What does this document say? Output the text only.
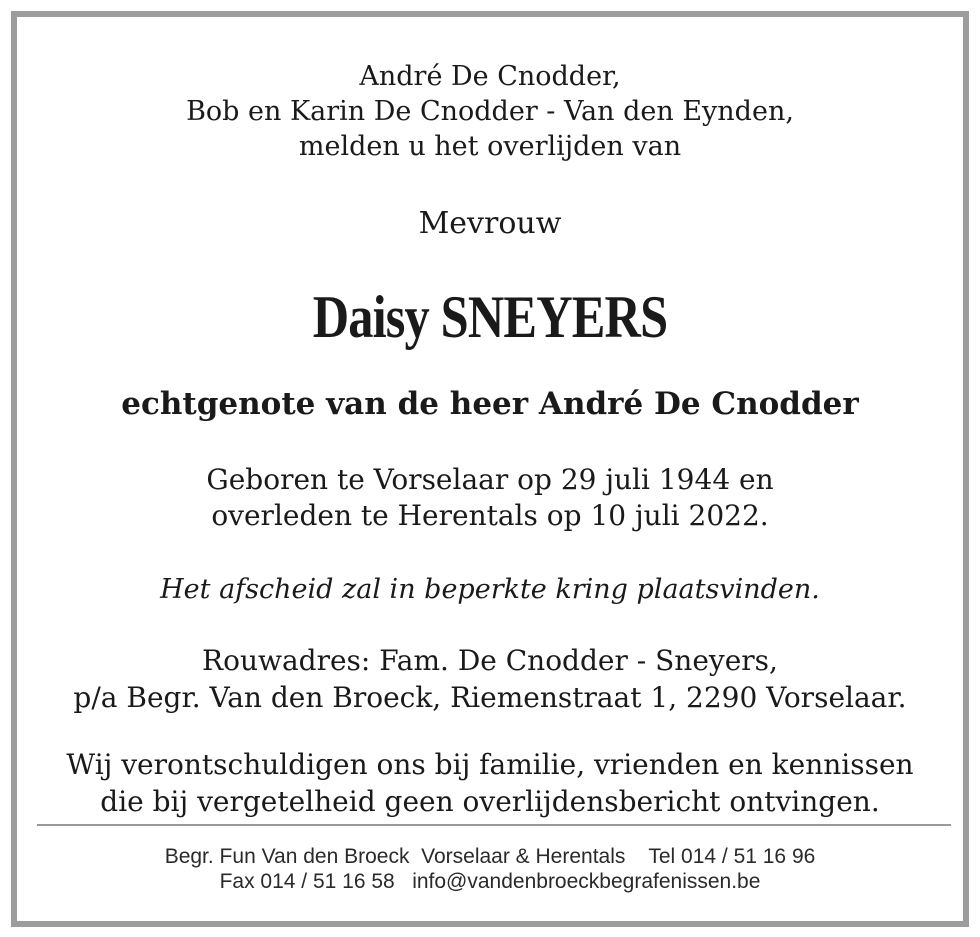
André De Cnodder,
Bob en Karin De Cnodder - Van den Eynden,
melden u het overlijden van
Mevrouw
Daisy SNEYERS
echtgenote van de heer André De Cnodder
Geboren te Vorselaar op 29 juli 1944 en
overleden te Herentals op 10 juli 2022.
Het afscheid zal in beperkte kring plaatsvinden.
Rouwadres: Fam. De Cnodder - Sneyers,
p/a Begr. Van den Broeck, Riemenstraat 1, 2290 Vorselaar.
Wij verontschuldigen ons bij familie, vrienden en kennissen
die bij vergetelheid geen overlijdensbericht ontvingen.
Begr. Fun Van den Broeck  Vorselaar & Herentals    Tel 014 / 51 16 96
Fax 014 / 51 16 58   info@vandenbroeckbegrafenissen.be
